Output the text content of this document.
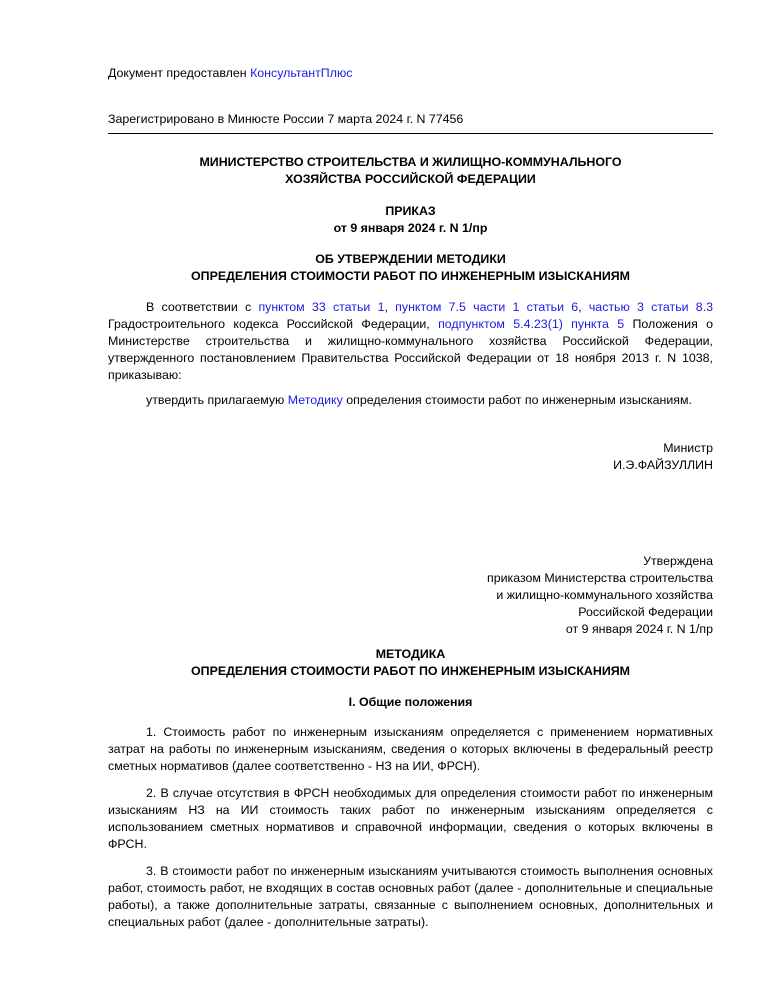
Документ предоставлен КонсультантПлюс
Зарегистрировано в Минюсте России 7 марта 2024 г. N 77456
МИНИСТЕРСТВО СТРОИТЕЛЬСТВА И ЖИЛИЩНО-КОММУНАЛЬНОГО
ХОЗЯЙСТВА РОССИЙСКОЙ ФЕДЕРАЦИИ
ПРИКАЗ
от 9 января 2024 г. N 1/пр
ОБ УТВЕРЖДЕНИИ МЕТОДИКИ
ОПРЕДЕЛЕНИЯ СТОИМОСТИ РАБОТ ПО ИНЖЕНЕРНЫМ ИЗЫСКАНИЯМ
В соответствии с пунктом 33 статьи 1, пунктом 7.5 части 1 статьи 6, частью 3 статьи 8.3 Градостроительного кодекса Российской Федерации, подпунктом 5.4.23(1) пункта 5 Положения о Министерстве строительства и жилищно-коммунального хозяйства Российской Федерации, утвержденного постановлением Правительства Российской Федерации от 18 ноября 2013 г. N 1038, приказываю:
утвердить прилагаемую Методику определения стоимости работ по инженерным изысканиям.
Министр
И.Э.ФАЙЗУЛЛИН
Утверждена
приказом Министерства строительства
и жилищно-коммунального хозяйства
Российской Федерации
от 9 января 2024 г. N 1/пр
МЕТОДИКА
ОПРЕДЕЛЕНИЯ СТОИМОСТИ РАБОТ ПО ИНЖЕНЕРНЫМ ИЗЫСКАНИЯМ
I. Общие положения
1. Стоимость работ по инженерным изысканиям определяется с применением нормативных затрат на работы по инженерным изысканиям, сведения о которых включены в федеральный реестр сметных нормативов (далее соответственно - НЗ на ИИ, ФРСН).
2. В случае отсутствия в ФРСН необходимых для определения стоимости работ по инженерным изысканиям НЗ на ИИ стоимость таких работ по инженерным изысканиям определяется с использованием сметных нормативов и справочной информации, сведения о которых включены в ФРСН.
3. В стоимости работ по инженерным изысканиям учитываются стоимость выполнения основных работ, стоимость работ, не входящих в состав основных работ (далее - дополнительные и специальные работы), а также дополнительные затраты, связанные с выполнением основных, дополнительных и специальных работ (далее - дополнительные затраты).
